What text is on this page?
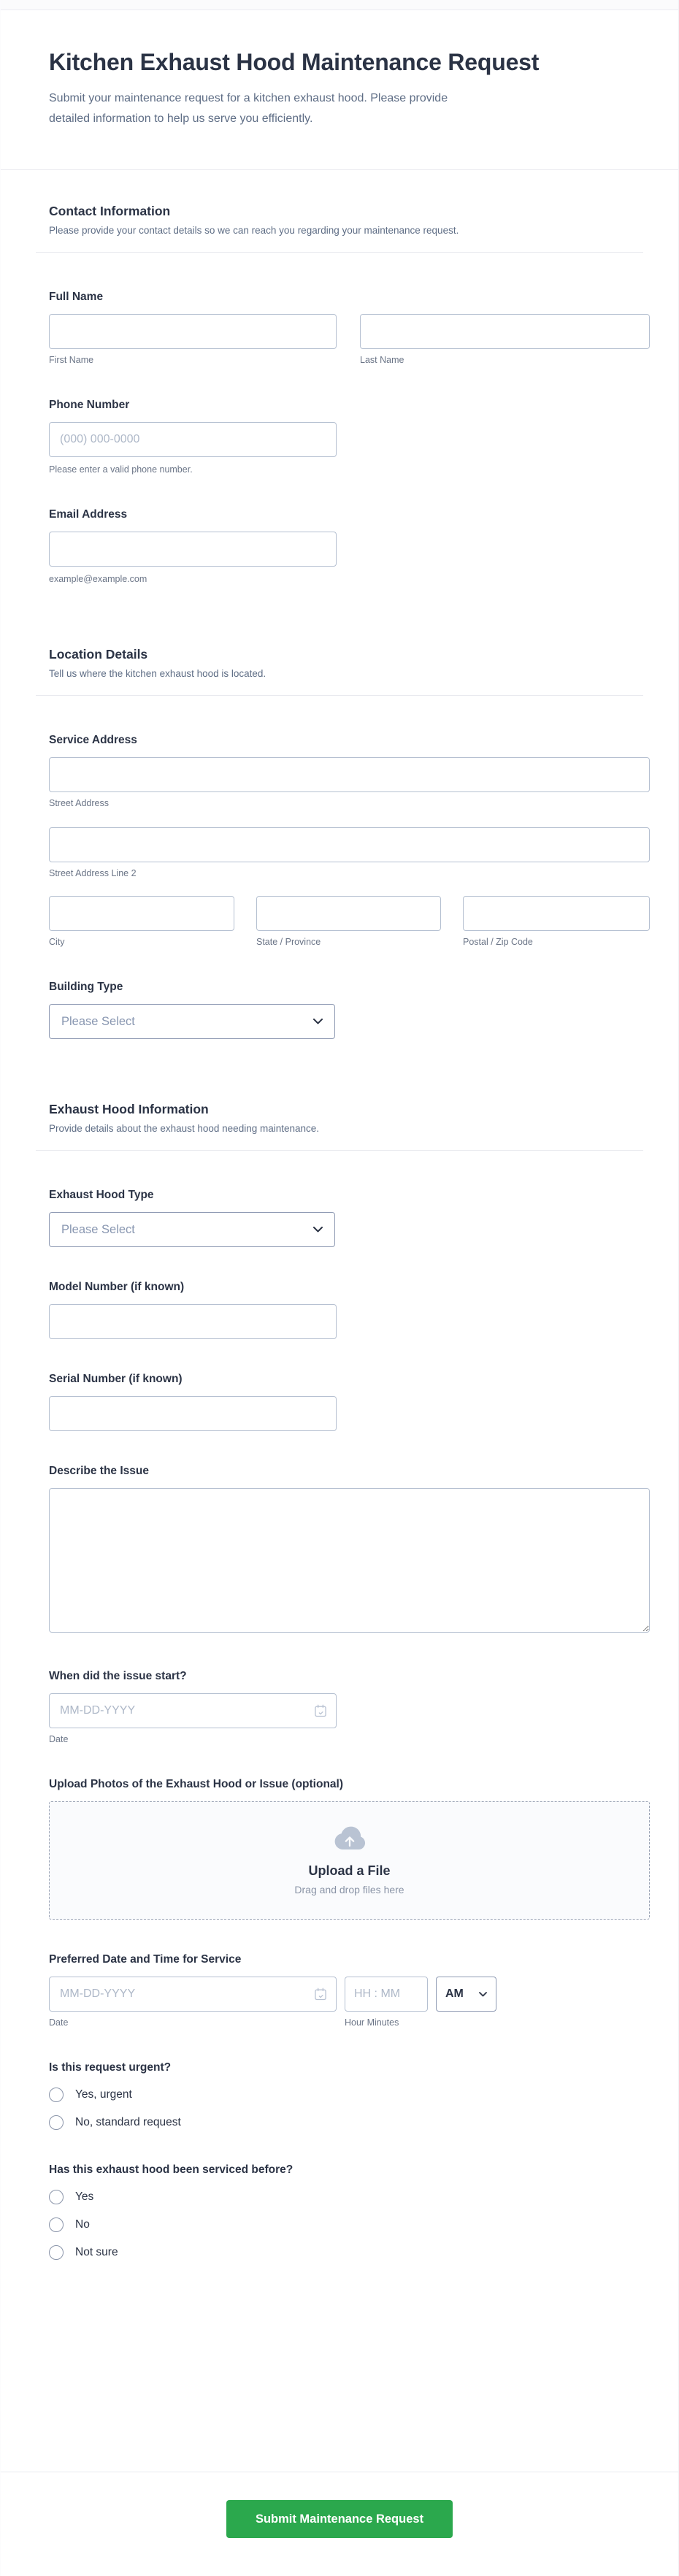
Kitchen Exhaust Hood Maintenance Request

Submit your maintenance request for a kitchen exhaust hood. Please provide detailed information to help us serve you efficiently.

Contact Information
Please provide your contact details so we can reach you regarding your maintenance request.
Full Name
First Name	Last Name
Phone Number
(000) 000-0000
Please enter a valid phone number.
Email Address
example@example.com
Location Details
Tell us where the kitchen exhaust hood is located.
Service Address
Street Address
Street Address Line 2
City	State / Province	Postal / Zip Code
Building Type
Please Select
Exhaust Hood Information
Provide details about the exhaust hood needing maintenance.
Exhaust Hood Type
Please Select
Model Number (if known)
Serial Number (if known)
Describe the Issue
When did the issue start?
MM-DD-YYYY
Date
Upload Photos of the Exhaust Hood or Issue (optional)
Upload a File
Drag and drop files here
Preferred Date and Time for Service
MM-DD-YYYY
Date
HH : MM	Hour Minutes
AM
Is this request urgent?
Yes, urgent
No, standard request
Has this exhaust hood been serviced before?
Yes
No
Not sure
Submit Maintenance Request
